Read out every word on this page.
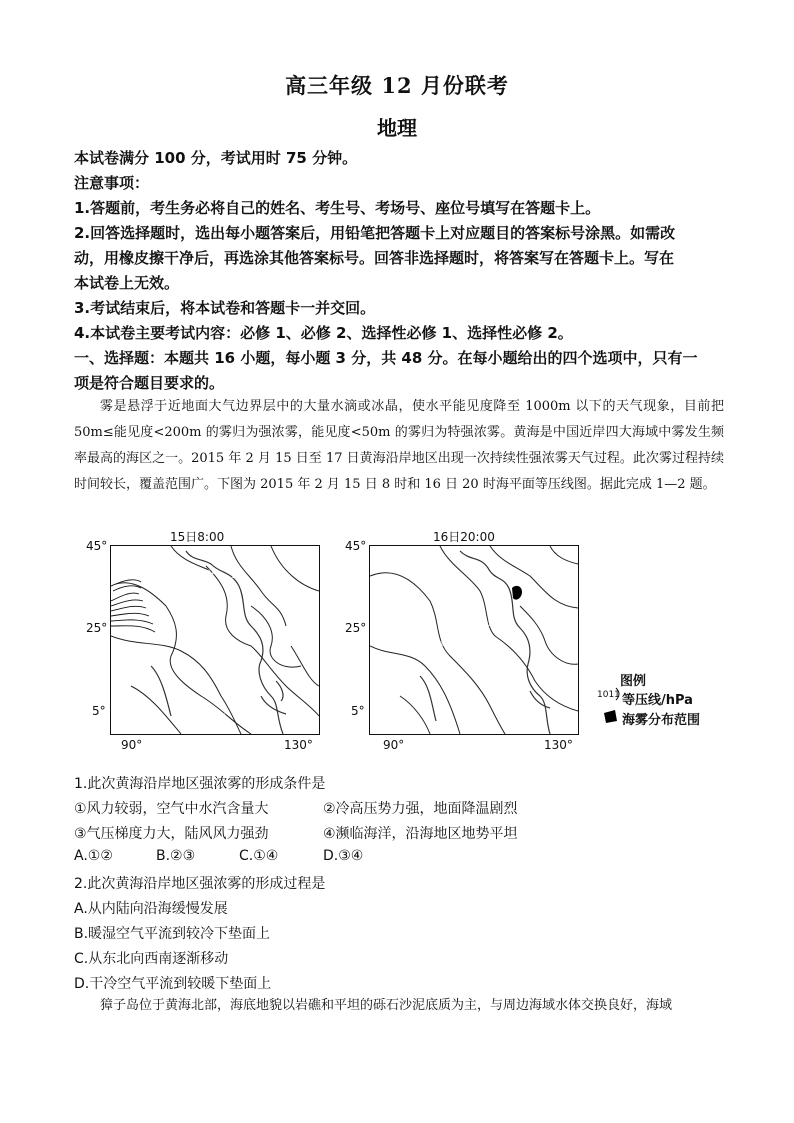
高三年级 12 月份联考
地理
本试卷满分 100 分，考试用时 75 分钟。
注意事项：
1.答题前，考生务必将自己的姓名、考生号、考场号、座位号填写在答题卡上。
2.回答选择题时，选出每小题答案后，用铅笔把答题卡上对应题目的答案标号涂黑。如需改
动，用橡皮擦干净后，再选涂其他答案标号。回答非选择题时，将答案写在答题卡上。写在
本试卷上无效。
3.考试结束后，将本试卷和答题卡一并交回。
4.本试卷主要考试内容：必修 1、必修 2、选择性必修 1、选择性必修 2。
一、选择题：本题共 16 小题，每小题 3 分，共 48 分。在每小题给出的四个选项中，只有一
项是符合题目要求的。
雾是悬浮于近地面大气边界层中的大量水滴或冰晶，使水平能见度降至 1000m 以下的天气现象，目前把 50m≤能见度<200m 的雾归为强浓雾，能见度<50m 的雾归为特强浓雾。黄海是中国近岸四大海域中雾发生频率最高的海区之一。2015 年 2 月 15 日至 17 日黄海沿岸地区出现一次持续性强浓雾天气过程。此次雾过程持续时间较长，覆盖范围广。下图为 2015 年 2 月 15 日 8 时和 16 日 20 时海平面等压线图。据此完成 1—2 题。
15日8:00	16日20:00
45°
25°
5°
45°
25°
5°
90°	130°	90°	130°
1014
1017
1014
1011
1011
1020
1017
1014
1011
图例
1011 等压线/hPa
海雾分布范围
1.此次黄海沿岸地区强浓雾的形成条件是
①风力较弱，空气中水汽含量大	②冷高压势力强，地面降温剧烈
③气压梯度力大，陆风风力强劲	④濒临海洋，沿海地区地势平坦
A.①②	B.②③	C.①④	D.③④
2.此次黄海沿岸地区强浓雾的形成过程是
A.从内陆向沿海缓慢发展
B.暖湿空气平流到较冷下垫面上
C.从东北向西南逐渐移动
D.干冷空气平流到较暖下垫面上
獐子岛位于黄海北部，海底地貌以岩礁和平坦的砾石沙泥底质为主，与周边海域水体交换良好，海域
